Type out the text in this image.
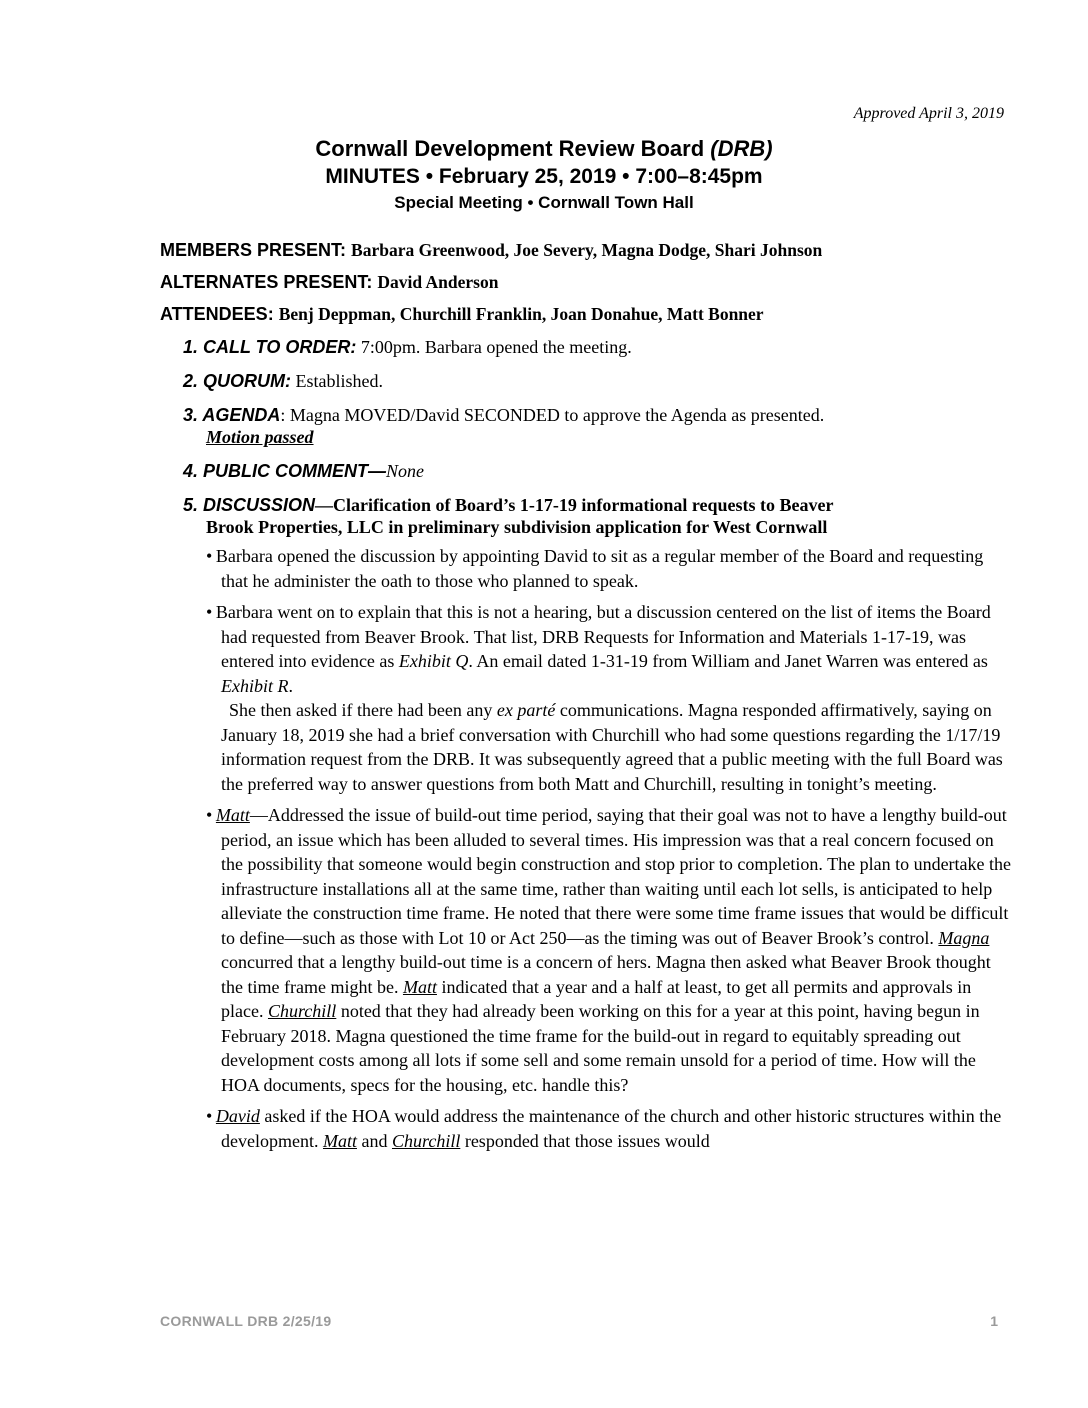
Approved April 3, 2019
Cornwall Development Review Board (DRB)
MINUTES • February 25, 2019 • 7:00–8:45pm
Special Meeting • Cornwall Town Hall
MEMBERS PRESENT: Barbara Greenwood, Joe Severy, Magna Dodge, Shari Johnson
ALTERNATES PRESENT: David Anderson
ATTENDEES: Benj Deppman, Churchill Franklin, Joan Donahue, Matt Bonner
1. CALL TO ORDER: 7:00pm. Barbara opened the meeting.
2. QUORUM: Established.
3. AGENDA: Magna MOVED/David SECONDED to approve the Agenda as presented.
Motion passed
4. PUBLIC COMMENT—None
5. DISCUSSION—Clarification of Board’s 1-17-19 informational requests to Beaver
Brook Properties, LLC in preliminary subdivision application for West Cornwall

• Barbara opened the discussion by appointing David to sit as a regular member of the Board and requesting that he administer the oath to those who planned to speak.

• Barbara went on to explain that this is not a hearing, but a discussion centered on the list of items the Board had requested from Beaver Brook. That list, DRB Requests for Information and Materials 1-17-19, was entered into evidence as Exhibit Q. An email dated 1-31-19 from William and Janet Warren was entered as Exhibit R.

She then asked if there had been any ex parté communications. Magna responded affirmatively, saying on January 18, 2019 she had a brief conversation with Churchill who had some questions regarding the 1/17/19 information request from the DRB. It was subsequently agreed that a public meeting with the full Board was the preferred way to answer questions from both Matt and Churchill, resulting in tonight’s meeting.

• Matt—Addressed the issue of build-out time period, saying that their goal was not to have a lengthy build-out period, an issue which has been alluded to several times. His impression was that a real concern focused on the possibility that someone would begin construction and stop prior to completion. The plan to undertake the infrastructure installations all at the same time, rather than waiting until each lot sells, is anticipated to help alleviate the construction time frame. He noted that there were some time frame issues that would be difficult to define—such as those with Lot 10 or Act 250—as the timing was out of Beaver Brook’s control. Magna concurred that a lengthy build-out time is a concern of hers. Magna then asked what Beaver Brook thought the time frame might be. Matt indicated that a year and a half at least, to get all permits and approvals in place. Churchill noted that they had already been working on this for a year at this point, having begun in February 2018. Magna questioned the time frame for the build-out in regard to equitably spreading out development costs among all lots if some sell and some remain unsold for a period of time. How will the HOA documents, specs for the housing, etc. handle this?

• David asked if the HOA would address the maintenance of the church and other historic structures within the development. Matt and Churchill responded that those issues would

CORNWALL DRB 2/25/19	1
